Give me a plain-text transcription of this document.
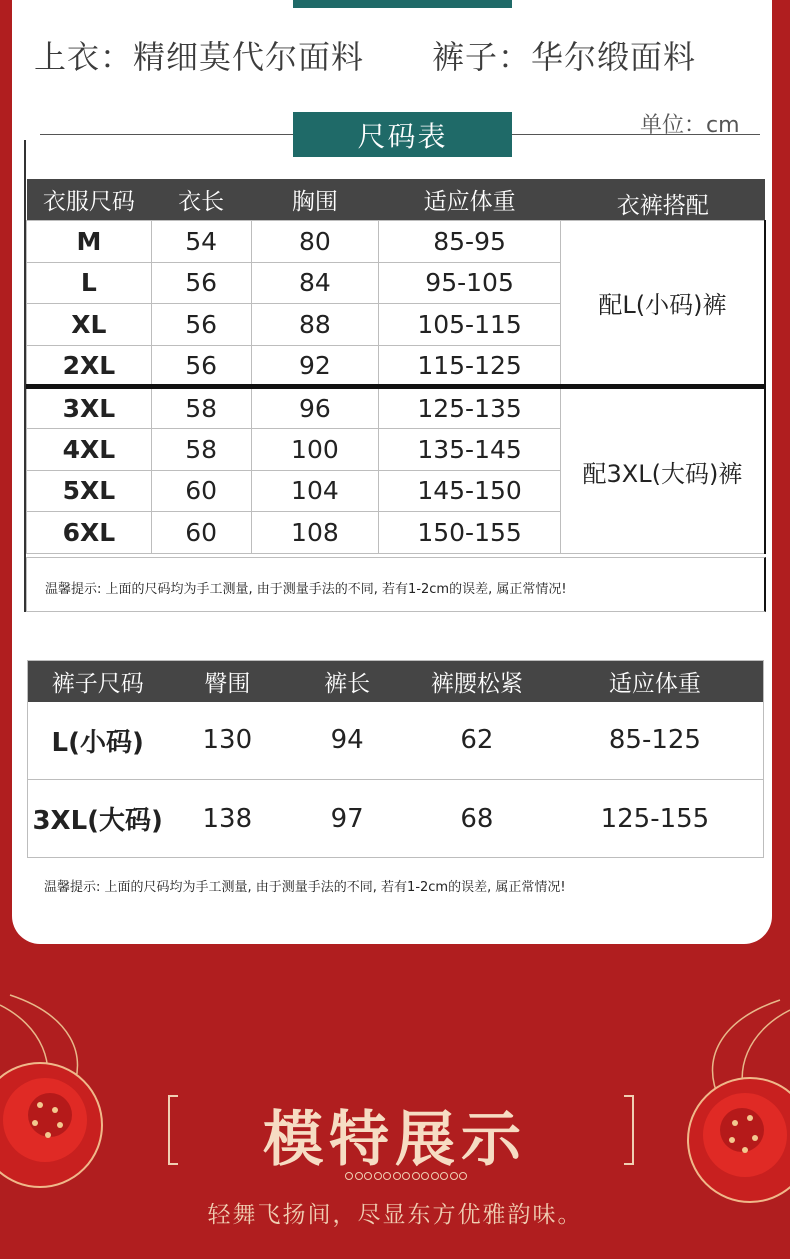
上衣：精细莫代尔面料 裤子：华尔缎面料
尺码表	单位：cm
衣服尺码	衣长	胸围	适应体重	衣裤搭配
M	54	80	85-95	配L(小码)裤
L	56	84	95-105	
XL	56	88	105-115	
2XL	56	92	115-125	
3XL	58	96	125-135	配3XL(大码)裤
4XL	58	100	135-145	
5XL	60	104	145-150	
6XL	60	108	150-155	
温馨提示: 上面的尺码均为手工测量, 由于测量手法的不同, 若有1-2cm的误差, 属正常情况!
裤子尺码	臀围	裤长	裤腰松紧	适应体重
L(小码)	130	94	62	85-125
3XL(大码)	138	97	68	125-155
温馨提示: 上面的尺码均为手工测量, 由于测量手法的不同, 若有1-2cm的误差, 属正常情况!
模特展示
轻舞飞扬间，尽显东方优雅韵味。
